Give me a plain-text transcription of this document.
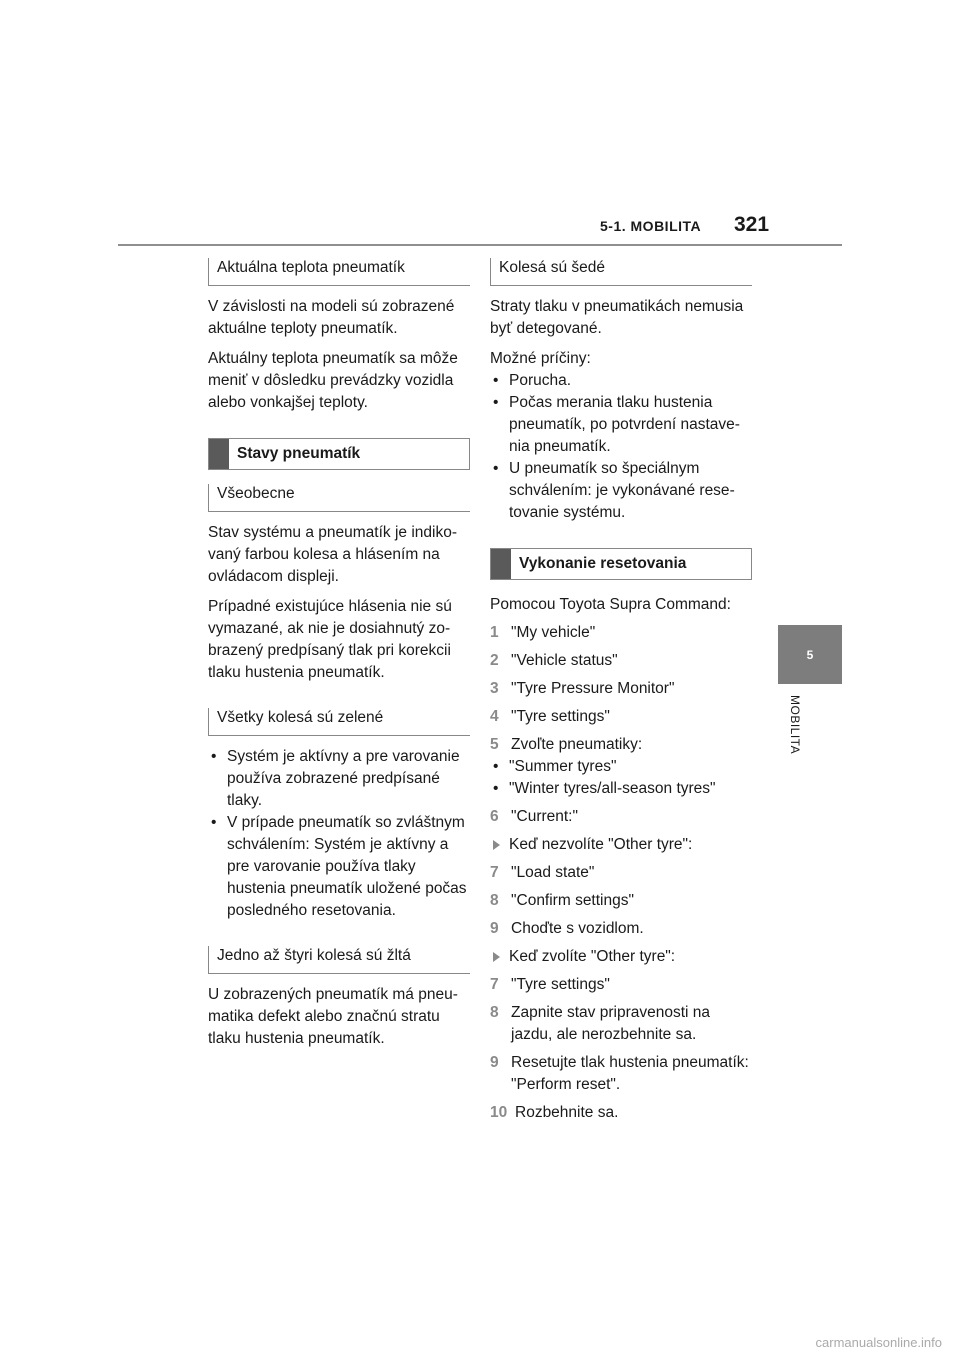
5-1. MOBILITA 321
5
MOBILITA
Aktuálna teplota pneumatík

V závislosti na modeli sú zobrazené aktuálne teploty pneumatík.

Aktuálny teplota pneumatík sa môže meniť v dôsledku prevádzky vozidla alebo vonkajšej teploty.

Stavy pneumatík
Všeobecne

Stav systému a pneumatík je indikovaný farbou kolesa a hlásením na ovládacom displeji.

Prípadné existujúce hlásenia nie sú vymazané, ak nie je dosiahnutý zobrazený predpísaný tlak pri korekcii tlaku hustenia pneumatík.

Všetky kolesá sú zelené
• Systém je aktívny a pre varovanie používa zobrazené predpísané tlaky.
• V prípade pneumatík so zvláštnym schválením: Systém je aktívny a pre varovanie používa tlaky hustenia pneumatík uložené počas posledného resetovania.
Jedno až štyri kolesá sú žltá

U zobrazených pneumatík má pneumatika defekt alebo značnú stratu tlaku hustenia pneumatík.

Kolesá sú šedé

Straty tlaku v pneumatikách nemusia byť detegované.

Možné príčiny:

• Porucha.
• Počas merania tlaku hustenia pneumatík, po potvrdení nastavenia pneumatík.
• U pneumatík so špeciálnym schválením: je vykonávané resetovanie systému.
Vykonanie resetovania

Pomocou Toyota Supra Command:

1 "My vehicle"
2 "Vehicle status"
3 "Tyre Pressure Monitor"
4 "Tyre settings"
5 Zvoľte pneumatiky:
• "Summer tyres"
• "Winter tyres/all-season tyres"
6 "Current:"
Keď nezvolíte "Other tyre":
7 "Load state"
8 "Confirm settings"
9 Choďte s vozidlom.
Keď zvolíte "Other tyre":
7 "Tyre settings"
8 Zapnite stav pripravenosti na jazdu, ale nerozbehnite sa.
9 Resetujte tlak hustenia pneumatík: "Perform reset".
10 Rozbehnite sa.
carmanualsonline.info
